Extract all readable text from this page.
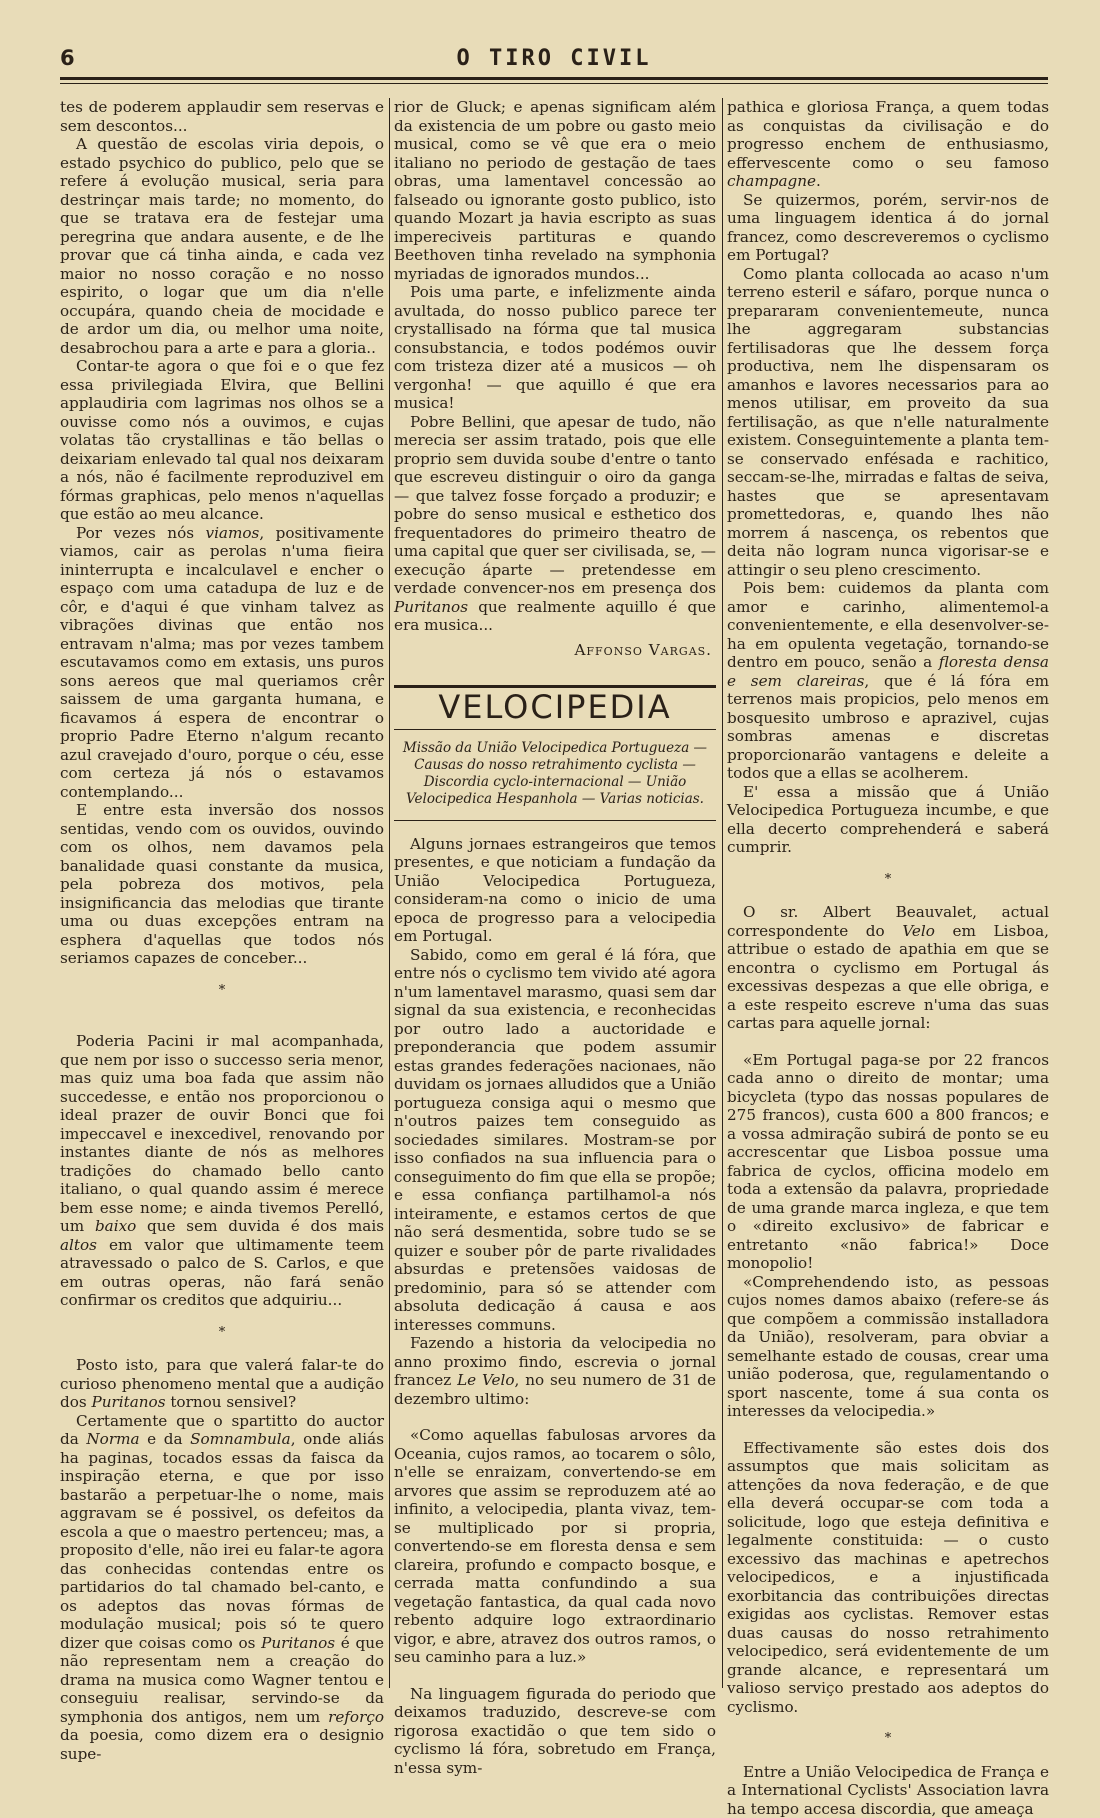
6	O TIRO CIVIL

tes de poderem applaudir sem reservas e sem descontos...

A questão de escolas viria depois, o estado psychico do publico, pelo que se refere á evolução musical, seria para destrinçar mais tarde; no momento, do que se tratava era de festejar uma peregrina que andara ausente, e de lhe provar que cá tinha ainda, e cada vez maior no nosso coração e no nosso espirito, o logar que um dia n'elle occupára, quando cheia de mocidade e de ardor um dia, ou melhor uma noite, desabrochou para a arte e para a gloria..

Contar-te agora o que foi e o que fez essa privilegiada Elvira, que Bellini applaudiria com lagrimas nos olhos se a ouvisse como nós a ouvimos, e cujas volatas tão crystallinas e tão bellas o deixariam enlevado tal qual nos deixaram a nós, não é facilmente reproduzivel em fórmas graphicas, pelo menos n'aquellas que estão ao meu alcance.

Por vezes nós viamos, positivamente viamos, cair as perolas n'uma fieira ininterrupta e incalculavel e encher o espaço com uma catadupa de luz e de côr, e d'aqui é que vinham talvez as vibrações divinas que então nos entravam n'alma; mas por vezes tambem escutavamos como em extasis, uns puros sons aereos que mal queriamos crêr saissem de uma garganta humana, e ficavamos á espera de encontrar o proprio Padre Eterno n'algum recanto azul cravejado d'ouro, porque o céu, esse com certeza já nós o estavamos contemplando...

E entre esta inversão dos nossos sentidas, vendo com os ouvidos, ouvindo com os olhos, nem davamos pela banalidade quasi constante da musica, pela pobreza dos motivos, pela insignificancia das melodias que tirante uma ou duas excepções entram na esphera d'aquellas que todos nós seriamos capazes de conceber...

*

Poderia Pacini ir mal acompanhada, que nem por isso o successo seria menor, mas quiz uma boa fada que assim não succedesse, e então nos proporcionou o ideal prazer de ouvir Bonci que foi impeccavel e inexcedivel, renovando por instantes diante de nós as melhores tradições do chamado bello canto italiano, o qual quando assim é merece bem esse nome; e ainda tivemos Perelló, um baixo que sem duvida é dos mais altos em valor que ultimamente teem atravessado o palco de S. Carlos, e que em outras operas, não fará senão confirmar os creditos que adquiriu...

*

Posto isto, para que valerá falar-te do curioso phenomeno mental que a audição dos Puritanos tornou sensivel?

Certamente que o spartitto do auctor da Norma e da Somnambula, onde aliás ha paginas, tocados essas da faisca da inspiração eterna, e que por isso bastarão a perpetuar-lhe o nome, mais aggravam se é possivel, os defeitos da escola a que o maestro pertenceu; mas, a proposito d'elle, não irei eu falar-te agora das conhecidas contendas entre os partidarios do tal chamado bel-canto, e os adeptos das novas fórmas de modulação musical; pois só te quero dizer que coisas como os Puritanos é que não representam nem a creação do drama na musica como Wagner tentou e conseguiu realisar, servindo-se da symphonia dos antigos, nem um reforço da poesia, como dizem era o designio supe-

rior de Gluck; e apenas significam além da existencia de um pobre ou gasto meio musical, como se vê que era o meio italiano no periodo de gestação de taes obras, uma lamentavel concessão ao falseado ou ignorante gosto publico, isto quando Mozart ja havia escripto as suas impereciveis partituras e quando Beethoven tinha revelado na symphonia myriadas de ignorados mundos...

Pois uma parte, e infelizmente ainda avultada, do nosso publico parece ter crystallisado na fórma que tal musica consubstancia, e todos podémos ouvir com tristeza dizer até a musicos — oh vergonha! — que aquillo é que era musica!

Pobre Bellini, que apesar de tudo, não merecia ser assim tratado, pois que elle proprio sem duvida soube d'entre o tanto que escreveu distinguir o oiro da ganga — que talvez fosse forçado a produzir; e pobre do senso musical e esthetico dos frequentadores do primeiro theatro de uma capital que quer ser civilisada, se, — execução áparte — pretendesse em verdade convencer-nos em presença dos Puritanos que realmente aquillo é que era musica...

Affonso Vargas.
VELOCIPEDIA
Missão da União Velocipedica Portugueza — Causas do nosso retrahimento cyclista — Discordia cyclo-internacional — União Velocipedica Hespanhola — Varias noticias.

Alguns jornaes estrangeiros que temos presentes, e que noticiam a fundação da União Velocipedica Portugueza, consideram-na como o inicio de uma epoca de progresso para a velocipedia em Portugal.

Sabido, como em geral é lá fóra, que entre nós o cyclismo tem vivido até agora n'um lamentavel marasmo, quasi sem dar signal da sua existencia, e reconhecidas por outro lado a auctoridade e preponderancia que podem assumir estas grandes federações nacionaes, não duvidam os jornaes alludidos que a União portugueza consiga aqui o mesmo que n'outros paizes tem conseguido as sociedades similares. Mostram-se por isso confiados na sua influencia para o conseguimento do fim que ella se propõe; e essa confiança partilhamol-a nós inteiramente, e estamos certos de que não será desmentida, sobre tudo se se quizer e souber pôr de parte rivalidades absurdas e pretensões vaidosas de predominio, para só se attender com absoluta dedicação á causa e aos interesses communs.

Fazendo a historia da velocipedia no anno proximo findo, escrevia o jornal francez Le Velo, no seu numero de 31 de dezembro ultimo:

«Como aquellas fabulosas arvores da Oceania, cujos ramos, ao tocarem o sôlo, n'elle se enraizam, convertendo-se em arvores que assim se reproduzem até ao infinito, a velocipedia, planta vivaz, tem-se multiplicado por si propria, convertendo-se em floresta densa e sem clareira, profundo e compacto bosque, e cerrada matta confundindo a sua vegetação fantastica, da qual cada novo rebento adquire logo extraordinario vigor, e abre, atravez dos outros ramos, o seu caminho para a luz.»

Na linguagem figurada do periodo que deixamos traduzido, descreve-se com rigorosa exactidão o que tem sido o cyclismo lá fóra, sobretudo em França, n'essa sym-

pathica e gloriosa França, a quem todas as conquistas da civilisação e do progresso enchem de enthusiasmo, effervescente como o seu famoso champagne.

Se quizermos, porém, servir-nos de uma linguagem identica á do jornal francez, como descreveremos o cyclismo em Portugal?

Como planta collocada ao acaso n'um terreno esteril e sáfaro, porque nunca o prepararam convenientemeute, nunca lhe aggregaram substancias fertilisadoras que lhe dessem força productiva, nem lhe dispensaram os amanhos e lavores necessarios para ao menos utilisar, em proveito da sua fertilisação, as que n'elle naturalmente existem. Conseguintemente a planta tem-se conservado enfésada e rachitico, seccam-se-lhe, mirradas e faltas de seiva, hastes que se apresentavam promettedoras, e, quando lhes não morrem á nascença, os rebentos que deita não logram nunca vigorisar-se e attingir o seu pleno crescimento.

Pois bem: cuidemos da planta com amor e carinho, alimentemol-a convenientemente, e ella desenvolver-se-ha em opulenta vegetação, tornando-se dentro em pouco, senão a floresta densa e sem clareiras, que é lá fóra em terrenos mais propicios, pelo menos em bosquesito umbroso e aprazivel, cujas sombras amenas e discretas proporcionarão vantagens e deleite a todos que a ellas se acolherem.

E' essa a missão que á União Velocipedica Portugueza incumbe, e que ella decerto comprehenderá e saberá cumprir.

*

O sr. Albert Beauvalet, actual correspondente do Velo em Lisboa, attribue o estado de apathia em que se encontra o cyclismo em Portugal ás excessivas despezas a que elle obriga, e a este respeito escreve n'uma das suas cartas para aquelle jornal:

«Em Portugal paga-se por 22 francos cada anno o direito de montar; uma bicycleta (typo das nossas populares de 275 francos), custa 600 a 800 francos; e a vossa admiração subirá de ponto se eu accrescentar que Lisboa possue uma fabrica de cyclos, officina modelo em toda a extensão da palavra, propriedade de uma grande marca ingleza, e que tem o «direito exclusivo» de fabricar e entretanto «não fabrica!» Doce monopolio!

«Comprehendendo isto, as pessoas cujos nomes damos abaixo (refere-se ás que compõem a commissão installadora da União), resolveram, para obviar a semelhante estado de cousas, crear uma união poderosa, que, regulamentando o sport nascente, tome á sua conta os interesses da velocipedia.»

Effectivamente são estes dois dos assumptos que mais solicitam as attenções da nova federação, e de que ella deverá occupar-se com toda a solicitude, logo que esteja definitiva e legalmente constituida: — o custo excessivo das machinas e apetrechos velocipedicos, e a injustificada exorbitancia das contribuições directas exigidas aos cyclistas. Remover estas duas causas do nosso retrahimento velocipedico, será evidentemente de um grande alcance, e representará um valioso serviço prestado aos adeptos do cyclismo.

*

Entre a União Velocipedica de França e a International Cyclists' Association lavra ha tempo accesa discordia, que ameaça
